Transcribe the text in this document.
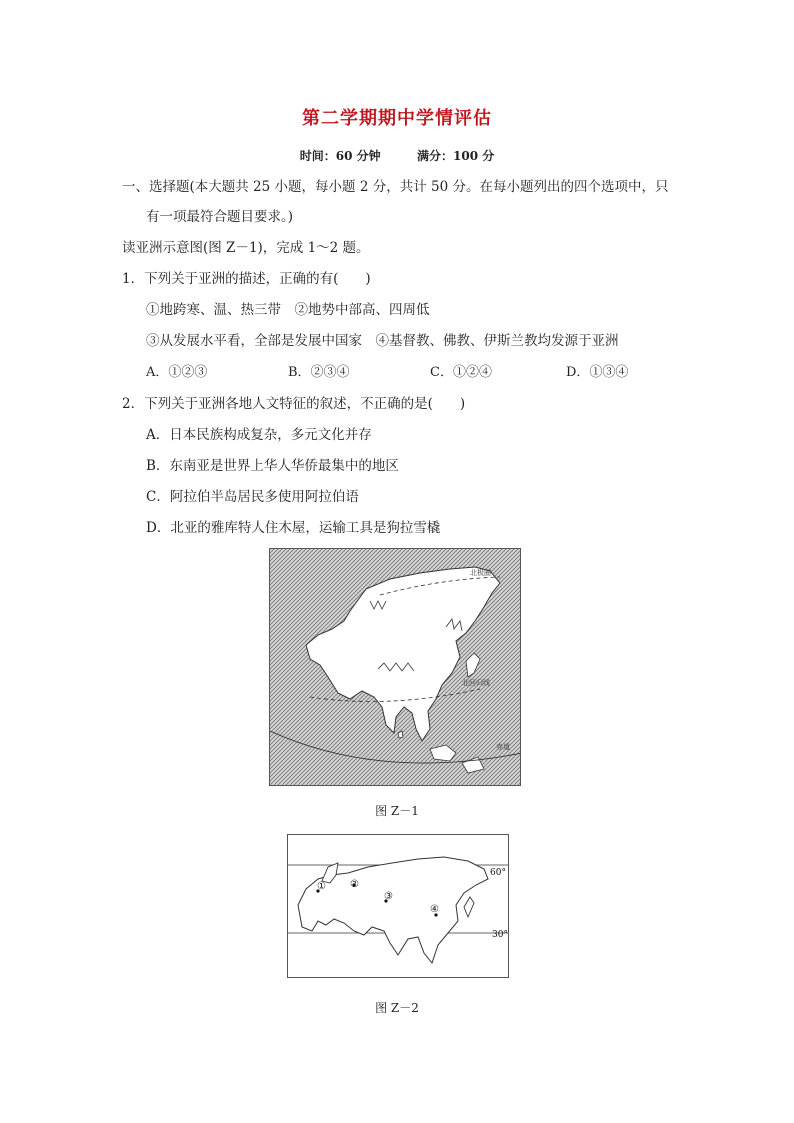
第二学期期中学情评估
时间：60 分钟	满分：100 分
一、选择题(本大题共 25 小题，每小题 2 分，共计 50 分。在每小题列出的四个选项中，只
有一项最符合题目要求。)
读亚洲示意图(图 Z－1)，完成 1～2 题。
1．下列关于亚洲的描述，正确的有(　　)
①地跨寒、温、热三带　②地势中部高、四周低
③从发展水平看，全部是发展中国家　④基督教、佛教、伊斯兰教均发源于亚洲
A．①②③	B．②③④	C．①②④	D．①③④
2．下列关于亚洲各地人文特征的叙述，不正确的是(　　)
A．日本民族构成复杂，多元文化并存
B．东南亚是世界上华人华侨最集中的地区
C．阿拉伯半岛居民多使用阿拉伯语
D．北亚的雅库特人住木屋，运输工具是狗拉雪橇
北极圈
北回归线
赤道
图 Z－1
① ②
③
④
60°
30°
图 Z－2
